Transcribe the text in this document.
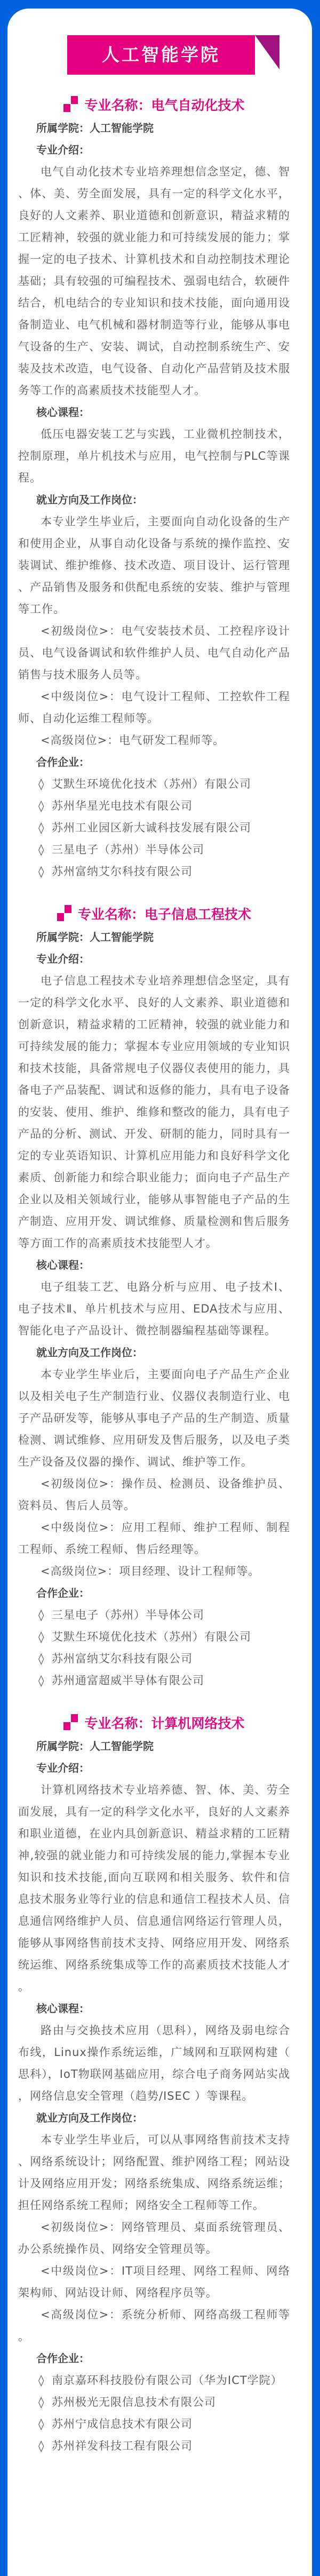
人工智能学院
专业名称：电气自动化技术
所属学院：人工智能学院
专业介绍：
电气自动化技术专业培养理想信念坚定，德、智、体、美、劳全面发展，具有一定的科学文化水平，良好的人文素养、职业道德和创新意识，精益求精的工匠精神，较强的就业能力和可持续发展的能力；掌握一定的电子技术、计算机技术和自动控制技术理论基础；具有较强的可编程技术、强弱电结合，软硬件结合，机电结合的专业知识和技术技能，面向通用设备制造业、电气机械和器材制造等行业，能够从事电气设备的生产、安装、调试，自动控制系统生产、安装及技术改造，电气设备、自动化产品营销及技术服务等工作的高素质技术技能型人才。
核心课程：
低压电器安装工艺与实践，工业微机控制技术，控制原理，单片机技术与应用，电气控制与PLC等课程。
就业方向及工作岗位：
本专业学生毕业后，主要面向自动化设备的生产和使用企业，从事自动化设备与系统的操作监控、安装调试、维护维修、技术改造、项目设计、运行管理、产品销售及服务和供配电系统的安装、维护与管理等工作。
<初级岗位>：电气安装技术员、工控程序设计员、电气设备调试和软件维护人员、电气自动化产品销售与技术服务人员等。
<中级岗位>：电气设计工程师、工控软件工程师、自动化运维工程师等。
<高级岗位>：电气研发工程师等。
合作企业：
◊ 艾默生环境优化技术（苏州）有限公司
◊ 苏州华星光电技术有限公司
◊ 苏州工业园区新大诚科技发展有限公司
◊ 三星电子（苏州）半导体公司
◊ 苏州富纳艾尔科技有限公司
专业名称：电子信息工程技术
所属学院：人工智能学院
专业介绍：
电子信息工程技术专业培养理想信念坚定，具有一定的科学文化水平、良好的人文素养、职业道德和创新意识，精益求精的工匠精神，较强的就业能力和可持续发展的能力；掌握本专业应用领域的专业知识和技术技能，具备常规电子仪器仪表使用的能力，具备电子产品装配、调试和返修的能力，具有电子设备的安装、使用、维护、维修和整改的能力，具有电子产品的分析、测试、开发、研制的能力，同时具有一定的专业英语知识、计算机应用能力和良好科学文化素质、创新能力和综合职业能力；面向电子产品生产企业以及相关领域行业，能够从事智能电子产品的生产制造、应用开发、调试维修、质量检测和售后服务等方面工作的高素质技术技能型人才。
核心课程：
电子组装工艺、电路分析与应用、电子技术Ⅰ、电子技术Ⅱ、单片机技术与应用、EDA技术与应用、智能化电子产品设计、微控制器编程基础等课程。
就业方向及工作岗位：
本专业学生毕业后，主要面向电子产品生产企业以及相关电子生产制造行业、仪器仪表制造行业、电子产品研发等，能够从事电子产品的生产制造、质量检测、调试维修、应用研发及售后服务，以及电子类生产设备及仪器的操作、调试、维护等工作。
<初级岗位>：操作员、检测员、设备维护员、资料员、售后人员等。
<中级岗位>：应用工程师、维护工程师、制程工程师、系统工程师、售后经理等。
<高级岗位>：项目经理、设计工程师等。
合作企业：
◊ 三星电子（苏州）半导体公司
◊ 艾默生环境优化技术（苏州）有限公司
◊ 苏州富纳艾尔科技有限公司
◊ 苏州通富超威半导体有限公司
专业名称：计算机网络技术
所属学院：人工智能学院
专业介绍：
计算机网络技术专业培养德、智、体、美、劳全面发展，具有一定的科学文化水平，良好的人文素养和职业道德，在业内具创新意识、精益求精的工匠精神,较强的就业能力和可持续发展的能力,掌握本专业知识和技术技能,面向互联网和相关服务、软件和信息技术服务业等行业的信息和通信工程技术人员、信息通信网络维护人员、信息通信网络运行管理人员，能够从事网络售前技术支持、网络应用开发、网络系统运维、网络系统集成等工作的高素质技术技能人才。
核心课程：
路由与交换技术应用（思科），网络及弱电综合布线，Linux操作系统运维，广域网和互联网构建（思科），IoT物联网基础应用，综合电子商务网站实战，网络信息安全管理（趋势/ISEC ）等课程。
就业方向及工作岗位：
本专业学生毕业后，可以从事网络售前技术支持、网络系统设计；网络配置、维护网络工程；网站设计及网络应用开发；网络系统集成、网络系统运维；担任网络系统工程师；网络安全工程师等工作。
<初级岗位>：网络管理员、桌面系统管理员、办公系统操作员、网络安全管理员等。
<中级岗位>：IT项目经理、网络工程师、网络架构师、网站设计师、网络程序员等。
<高级岗位>：系统分析师、网络高级工程师等。
合作企业：
◊ 南京嘉环科技股份有限公司（华为ICT学院）
◊ 苏州极光无限信息技术有限公司
◊ 苏州宁成信息技术有限公司
◊ 苏州祥发科技工程有限公司
